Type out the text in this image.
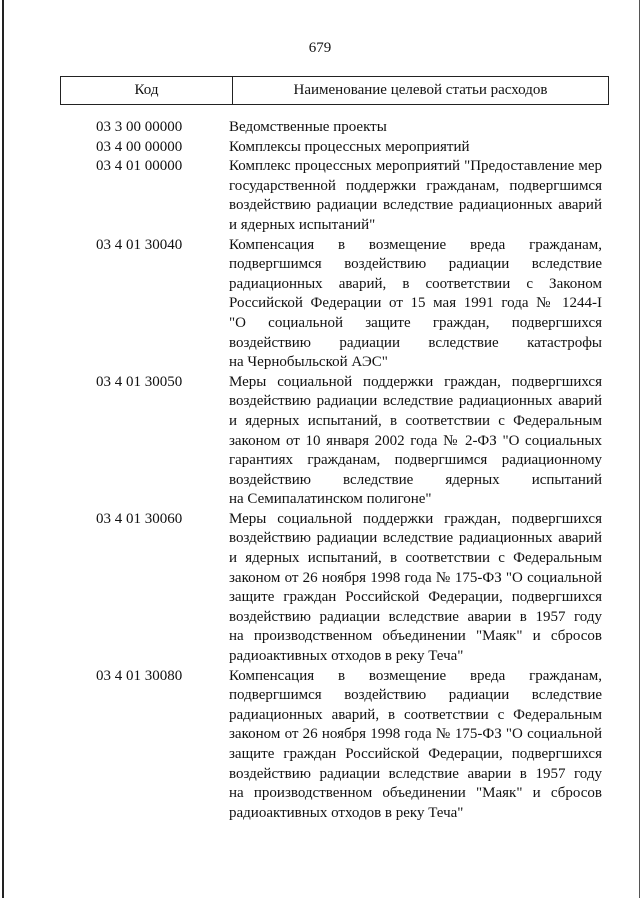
679
Код	Наименование целевой статьи расходов
03 3 00 00000	Ведомственные проекты
03 4 00 00000	Комплексы процессных мероприятий
03 4 01 00000	Комплекс процессных мероприятий "Предоставление мер
государственной поддержки гражданам, подвергшимся
воздействию радиации вследствие радиационных аварий
и ядерных испытаний"
03 4 01 30040	Компенсация в возмещение вреда гражданам,
подвергшимся воздействию радиации вследствие
радиационных аварий, в соответствии с Законом
Российской Федерации от 15 мая 1991 года № 1244-I
"О социальной защите граждан, подвергшихся
воздействию радиации вследствие катастрофы
на Чернобыльской АЭС"
03 4 01 30050	Меры социальной поддержки граждан, подвергшихся
воздействию радиации вследствие радиационных аварий
и ядерных испытаний, в соответствии с Федеральным
законом от 10 января 2002 года № 2-ФЗ "О социальных
гарантиях гражданам, подвергшимся радиационному
воздействию вследствие ядерных испытаний
на Семипалатинском полигоне"
03 4 01 30060	Меры социальной поддержки граждан, подвергшихся
воздействию радиации вследствие радиационных аварий
и ядерных испытаний, в соответствии с Федеральным
законом от 26 ноября 1998 года № 175-ФЗ "О социальной
защите граждан Российской Федерации, подвергшихся
воздействию радиации вследствие аварии в 1957 году
на производственном объединении "Маяк" и сбросов
радиоактивных отходов в реку Теча"
03 4 01 30080	Компенсация в возмещение вреда гражданам,
подвергшимся воздействию радиации вследствие
радиационных аварий, в соответствии с Федеральным
законом от 26 ноября 1998 года № 175-ФЗ "О социальной
защите граждан Российской Федерации, подвергшихся
воздействию радиации вследствие аварии в 1957 году
на производственном объединении "Маяк" и сбросов
радиоактивных отходов в реку Теча"
